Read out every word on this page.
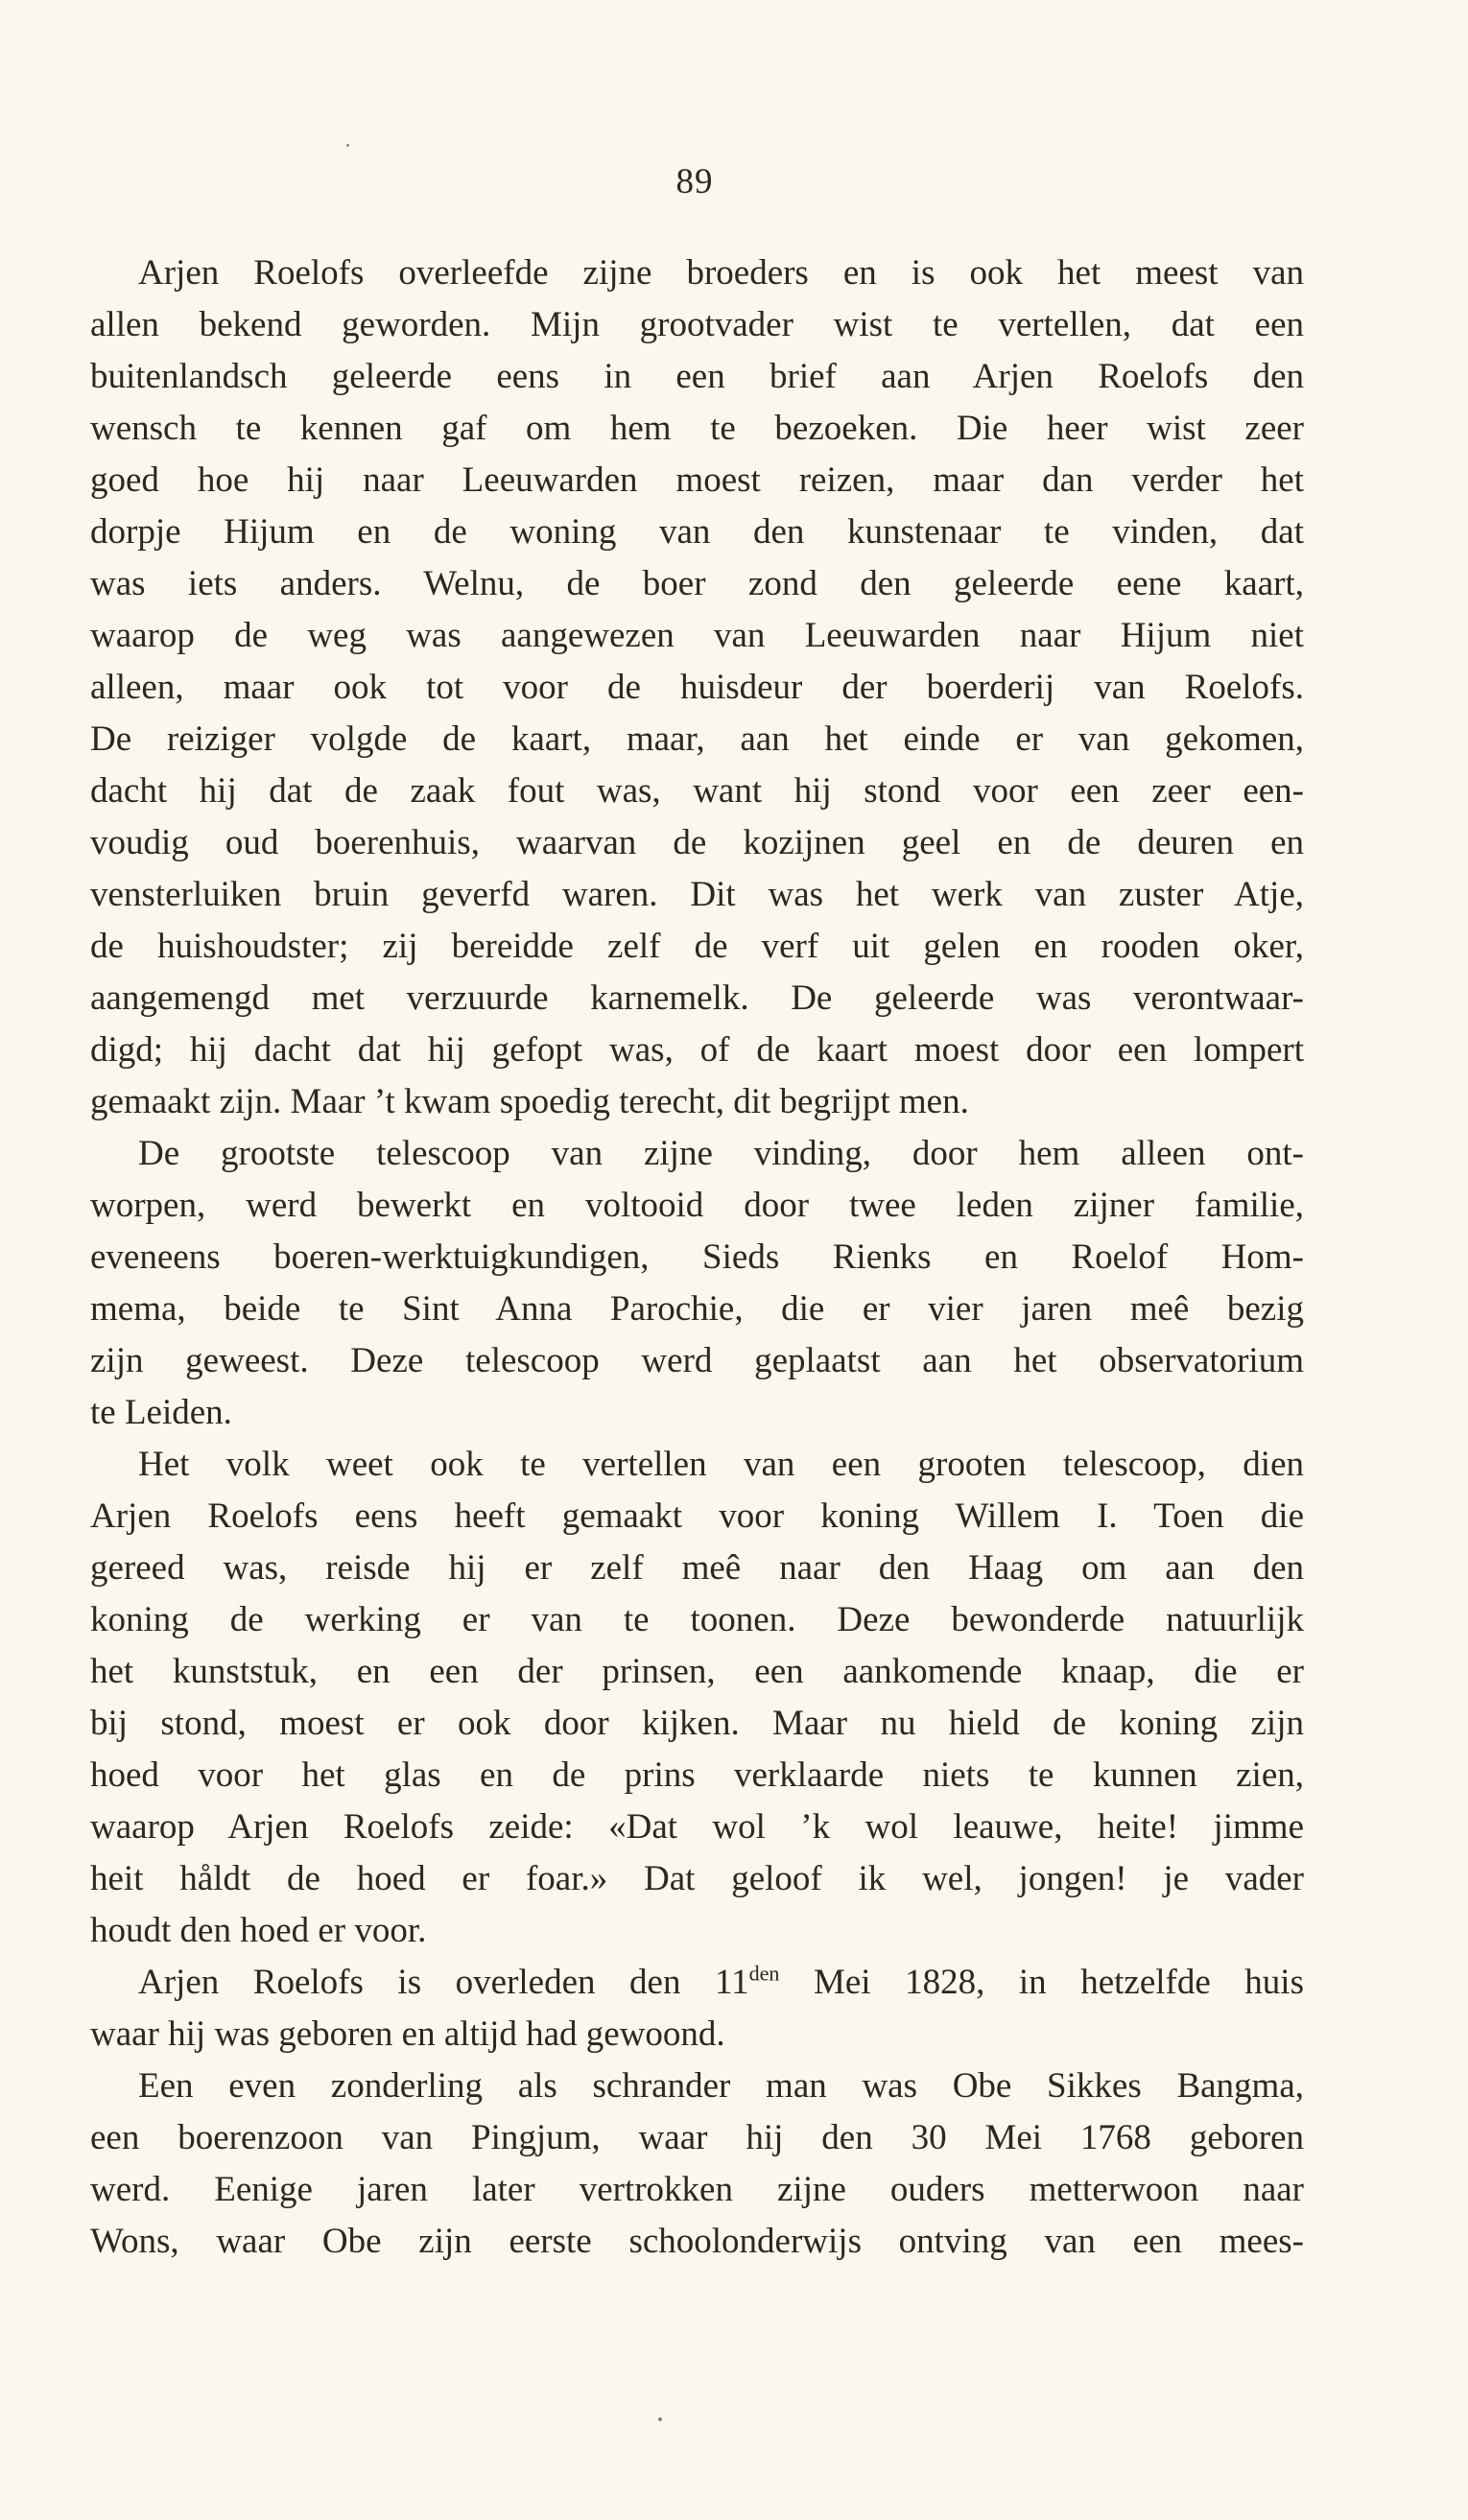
89
Arjen Roelofs overleefde zijne broeders en is ook het meest van
allen bekend geworden. Mijn grootvader wist te vertellen, dat een
buitenlandsch geleerde eens in een brief aan Arjen Roelofs den
wensch te kennen gaf om hem te bezoeken. Die heer wist zeer
goed hoe hij naar Leeuwarden moest reizen, maar dan verder het
dorpje Hijum en de woning van den kunstenaar te vinden, dat
was iets anders. Welnu, de boer zond den geleerde eene kaart,
waarop de weg was aangewezen van Leeuwarden naar Hijum niet
alleen, maar ook tot voor de huisdeur der boerderij van Roelofs.
De reiziger volgde de kaart, maar, aan het einde er van gekomen,
dacht hij dat de zaak fout was, want hij stond voor een zeer een-
voudig oud boerenhuis, waarvan de kozijnen geel en de deuren en
vensterluiken bruin geverfd waren. Dit was het werk van zuster Atje,
de huishoudster; zij bereidde zelf de verf uit gelen en rooden oker,
aangemengd met verzuurde karnemelk. De geleerde was verontwaar-
digd; hij dacht dat hij gefopt was, of de kaart moest door een lompert
gemaakt zijn. Maar ’t kwam spoedig terecht, dit begrijpt men.
De grootste telescoop van zijne vinding, door hem alleen ont-
worpen, werd bewerkt en voltooid door twee leden zijner familie,
eveneens boeren-werktuigkundigen, Sieds Rienks en Roelof Hom-
mema, beide te Sint Anna Parochie, die er vier jaren meê bezig
zijn geweest. Deze telescoop werd geplaatst aan het observatorium
te Leiden.
Het volk weet ook te vertellen van een grooten telescoop, dien
Arjen Roelofs eens heeft gemaakt voor koning Willem I. Toen die
gereed was, reisde hij er zelf meê naar den Haag om aan den
koning de werking er van te toonen. Deze bewonderde natuurlijk
het kunststuk, en een der prinsen, een aankomende knaap, die er
bij stond, moest er ook door kijken. Maar nu hield de koning zijn
hoed voor het glas en de prins verklaarde niets te kunnen zien,
waarop Arjen Roelofs zeide: «Dat wol ’k wol leauwe, heite! jimme
heit håldt de hoed er foar.» Dat geloof ik wel, jongen! je vader
houdt den hoed er voor.
Arjen Roelofs is overleden den $11^{den}$ Mei 1828, in hetzelfde huis
waar hij was geboren en altijd had gewoond.
Een even zonderling als schrander man was Obe Sikkes Bangma,
een boerenzoon van Pingjum, waar hij den 30 Mei 1768 geboren
werd. Eenige jaren later vertrokken zijne ouders metterwoon naar
Wons, waar Obe zijn eerste schoolonderwijs ontving van een mees-
